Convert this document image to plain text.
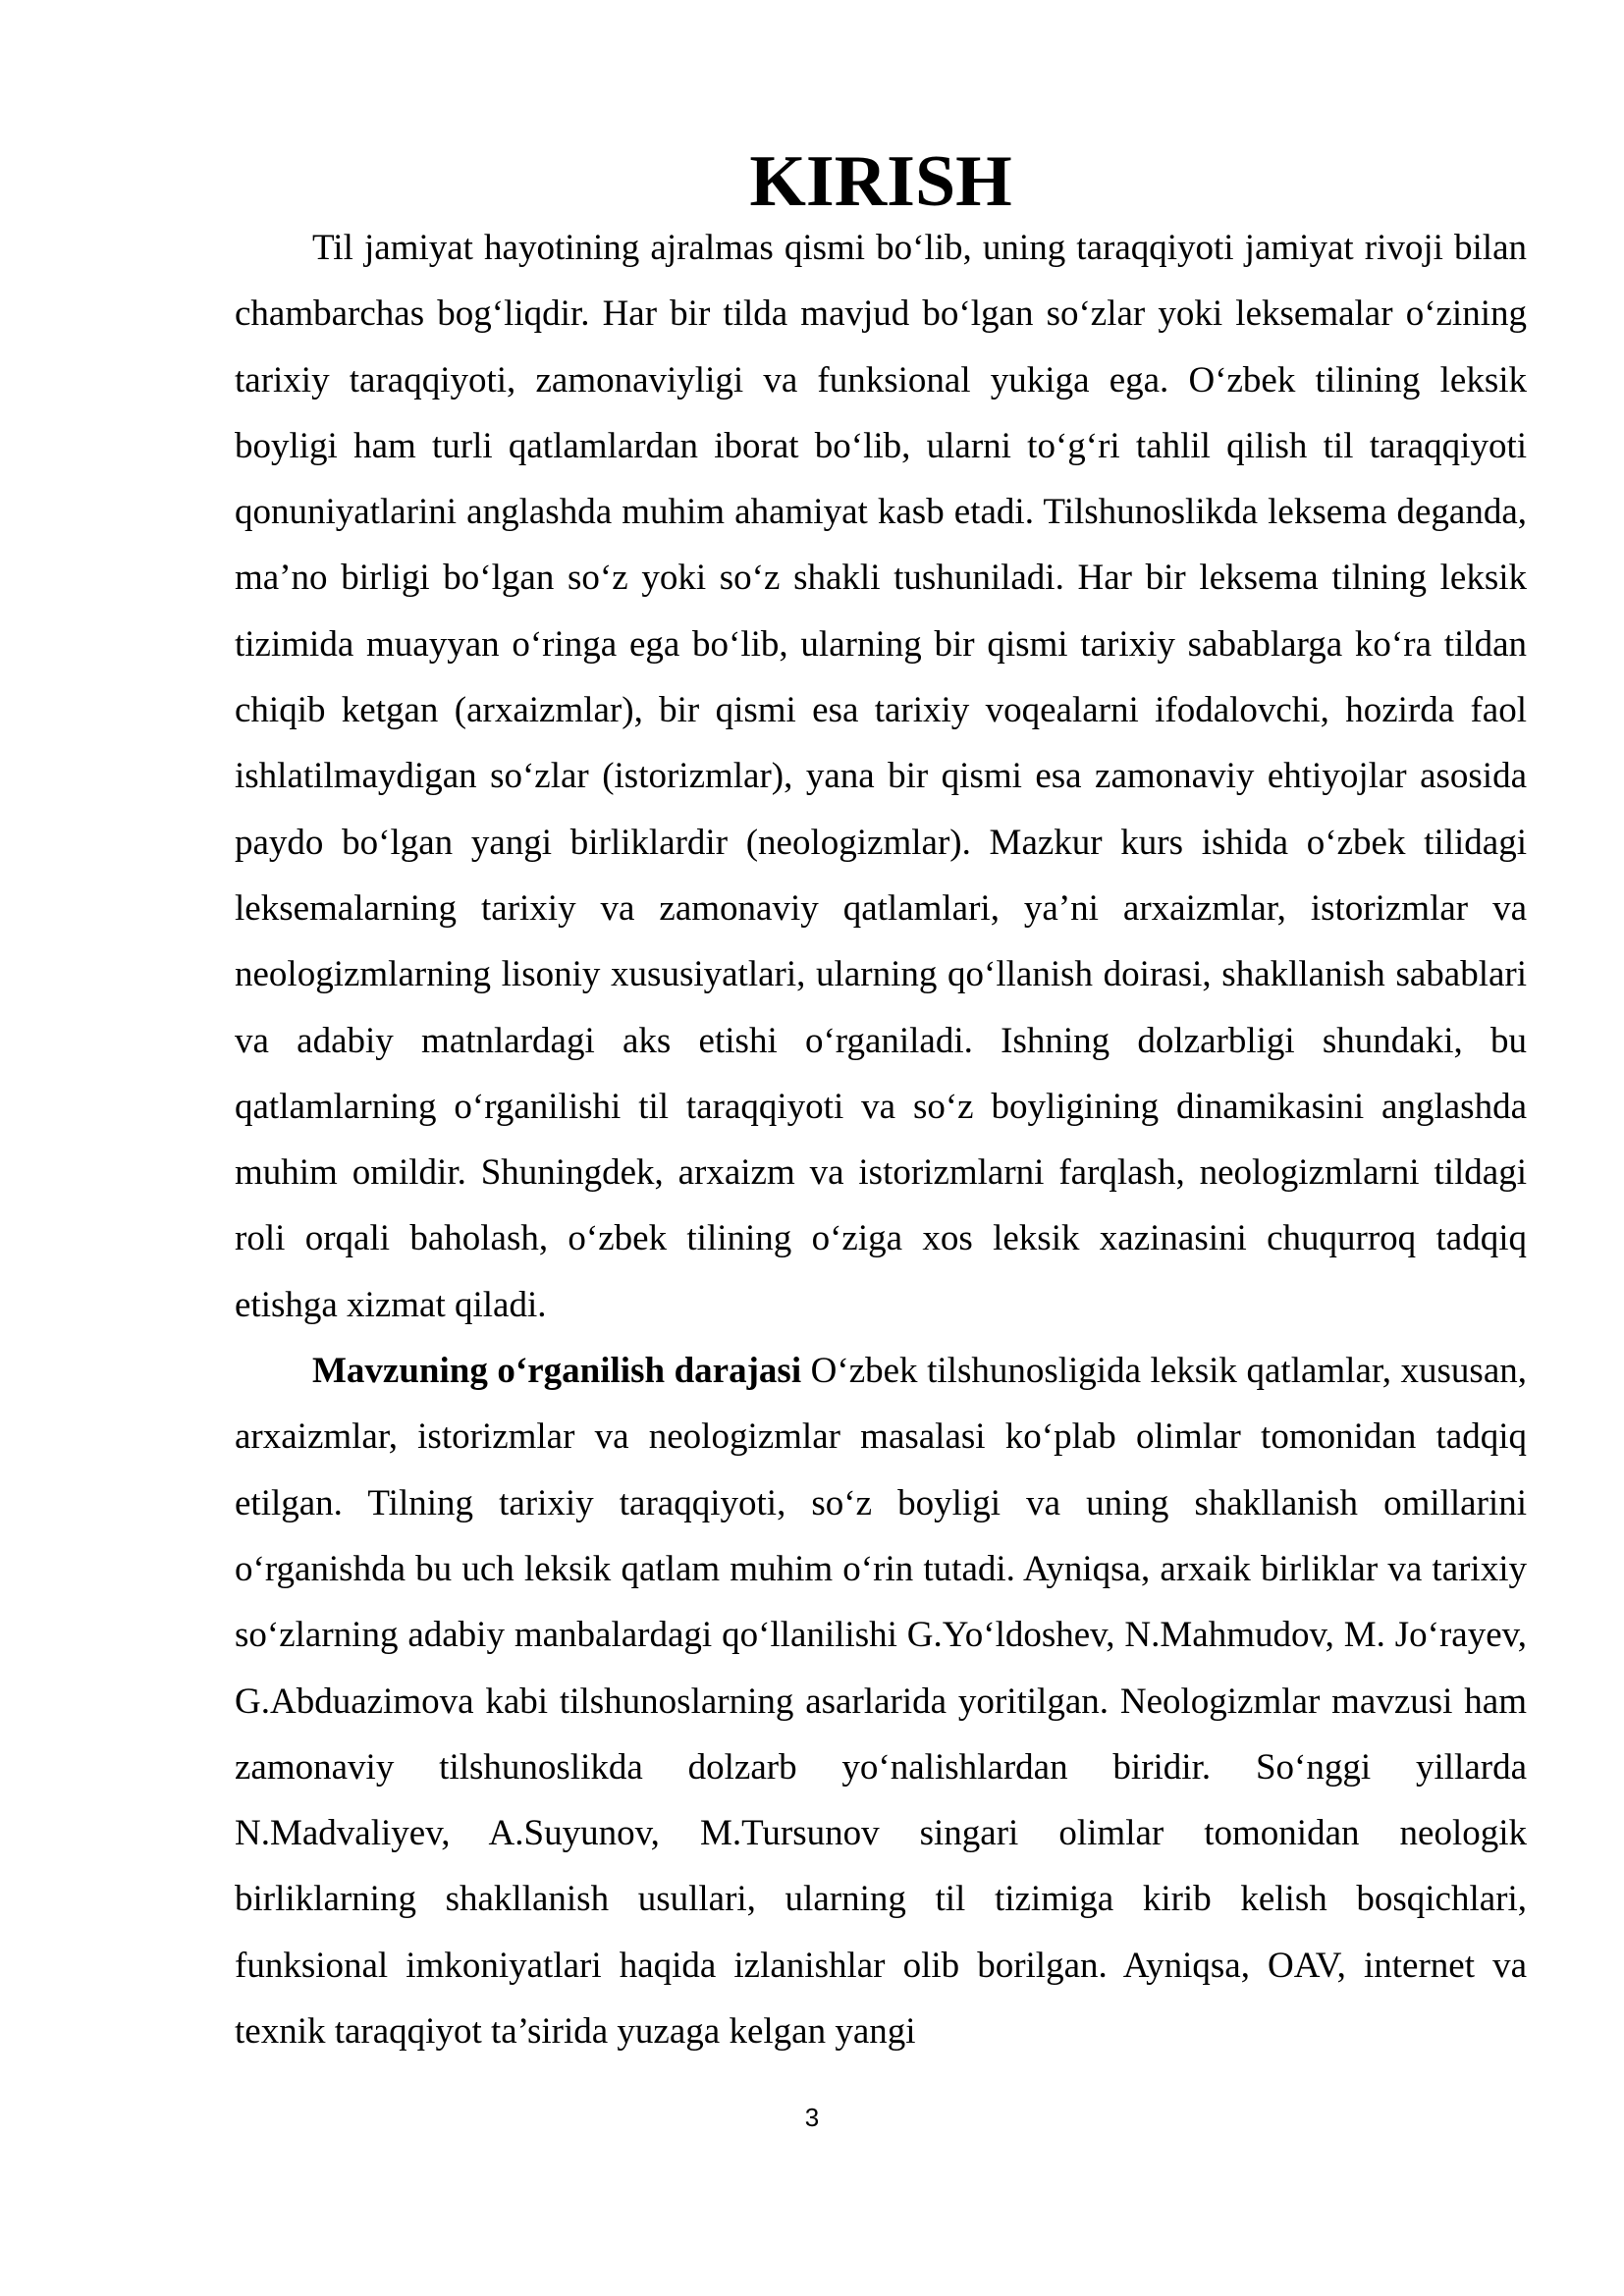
KIRISH

Til jamiyat hayotining ajralmas qismi bo‘lib, uning taraqqiyoti jamiyat rivoji bilan chambarchas bog‘liqdir. Har bir tilda mavjud bo‘lgan so‘zlar yoki leksemalar o‘zining tarixiy taraqqiyoti, zamonaviyligi va funksional yukiga ega. O‘zbek tilining leksik boyligi ham turli qatlamlardan iborat bo‘lib, ularni to‘g‘ri tahlil qilish til taraqqiyoti qonuniyatlarini anglashda muhim ahamiyat kasb etadi. Tilshunoslikda leksema deganda, ma’no birligi bo‘lgan so‘z yoki so‘z shakli tushuniladi. Har bir leksema tilning leksik tizimida muayyan o‘ringa ega bo‘lib, ularning bir qismi tarixiy sabablarga ko‘ra tildan chiqib ketgan (arxaizmlar), bir qismi esa tarixiy voqealarni ifodalovchi, hozirda faol ishlatilmaydigan so‘zlar (istorizmlar), yana bir qismi esa zamonaviy ehtiyojlar asosida paydo bo‘lgan yangi birliklardir (neologizmlar). Mazkur kurs ishida o‘zbek tilidagi leksemalarning tarixiy va zamonaviy qatlamlari, ya’ni arxaizmlar, istorizmlar va neologizmlarning lisoniy xususiyatlari, ularning qo‘llanish doirasi, shakllanish sabablari va adabiy matnlardagi aks etishi o‘rganiladi. Ishning dolzarbligi shundaki, bu qatlamlarning o‘rganilishi til taraqqiyoti va so‘z boyligining dinamikasini anglashda muhim omildir. Shuningdek, arxaizm va istorizmlarni farqlash, neologizmlarni tildagi roli orqali baholash, o‘zbek tilining o‘ziga xos leksik xazinasini chuqurroq tadqiq etishga xizmat qiladi.

Mavzuning o‘rganilish darajasi O‘zbek tilshunosligida leksik qatlamlar, xususan, arxaizmlar, istorizmlar va neologizmlar masalasi ko‘plab olimlar tomonidan tadqiq etilgan. Tilning tarixiy taraqqiyoti, so‘z boyligi va uning shakllanish omillarini o‘rganishda bu uch leksik qatlam muhim o‘rin tutadi. Ayniqsa, arxaik birliklar va tarixiy so‘zlarning adabiy manbalardagi qo‘llanilishi G.Yo‘ldoshev, N.Mahmudov, M. Jo‘rayev, G.Abduazimova kabi tilshunoslarning asarlarida yoritilgan. Neologizmlar mavzusi ham zamonaviy tilshunoslikda dolzarb yo‘nalishlardan biridir. So‘nggi yillarda N.Madvaliyev, A.Suyunov, M.Tursunov singari olimlar tomonidan neologik birliklarning shakllanish usullari, ularning til tizimiga kirib kelish bosqichlari, funksional imkoniyatlari haqida izlanishlar olib borilgan. Ayniqsa, OAV, internet va texnik taraqqiyot ta’sirida yuzaga kelgan yangi

3
